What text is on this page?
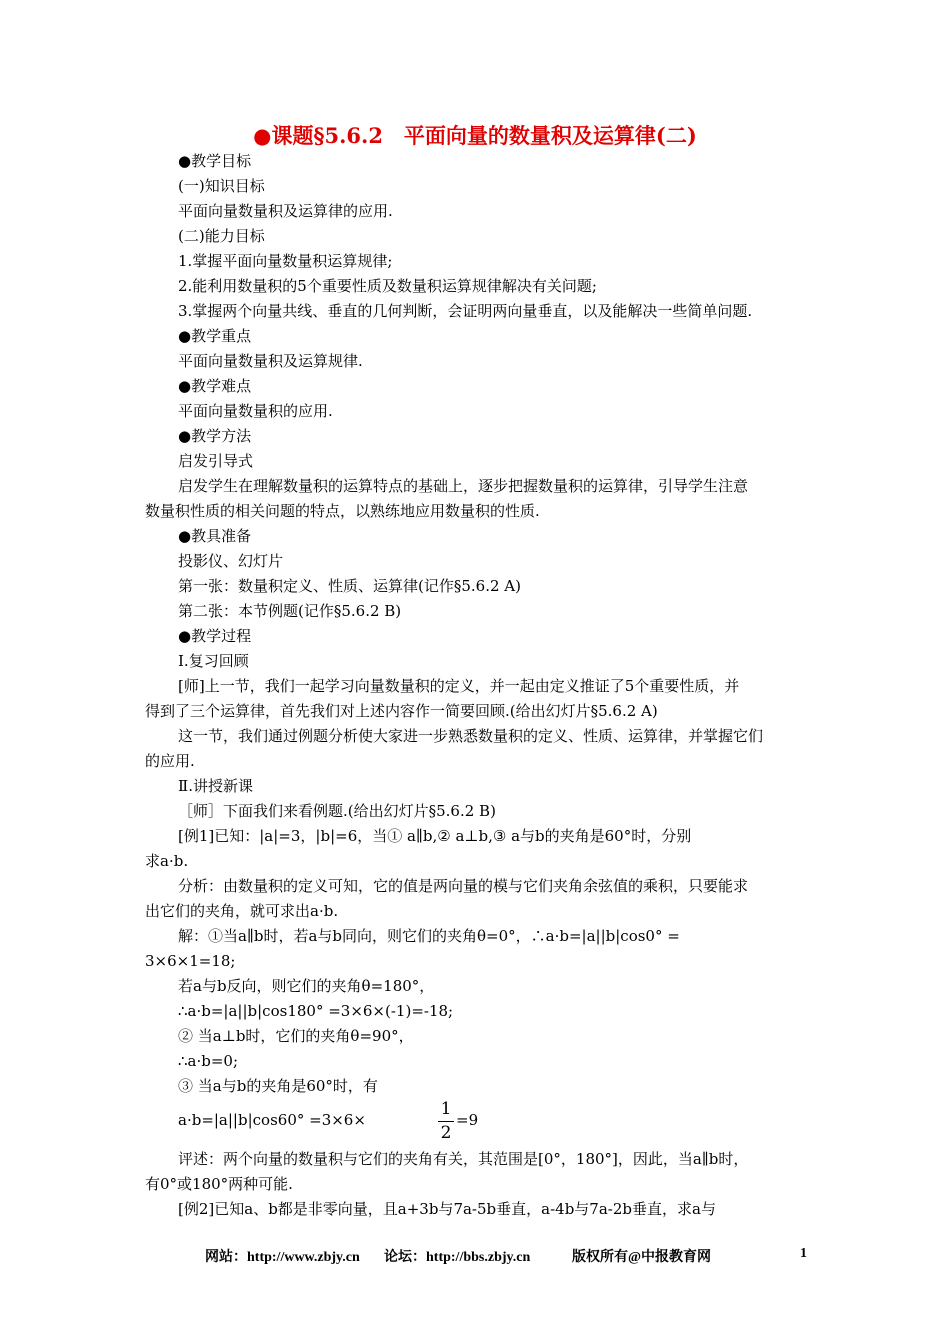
●课题§5.6.2　平面向量的数量积及运算律(二)
●教学目标
(一)知识目标
平面向量数量积及运算律的应用.
(二)能力目标
1.掌握平面向量数量积运算规律;
2.能利用数量积的5个重要性质及数量积运算规律解决有关问题;
3.掌握两个向量共线、垂直的几何判断，会证明两向量垂直，以及能解决一些简单问题.
●教学重点
平面向量数量积及运算规律.
●教学难点
平面向量数量积的应用.
●教学方法
启发引导式
启发学生在理解数量积的运算特点的基础上，逐步把握数量积的运算律，引导学生注意
数量积性质的相关问题的特点，以熟练地应用数量积的性质.
●教具准备
投影仪、幻灯片
第一张：数量积定义、性质、运算律(记作§5.6.2 A)
第二张：本节例题(记作§5.6.2 B)
●教学过程
Ⅰ.复习回顾
[师]上一节，我们一起学习向量数量积的定义，并一起由定义推证了5个重要性质，并
得到了三个运算律，首先我们对上述内容作一简要回顾.(给出幻灯片§5.6.2 A)
这一节，我们通过例题分析使大家进一步熟悉数量积的定义、性质、运算律，并掌握它们
的应用.
Ⅱ.讲授新课
［师］下面我们来看例题.(给出幻灯片§5.6.2 B)
[例1]已知：|a|=3，|b|=6，当① a∥b,② a⊥b,③ a与b的夹角是60°时，分别
求a·b.
分析：由数量积的定义可知，它的值是两向量的模与它们夹角余弦值的乘积，只要能求
出它们的夹角，就可求出a·b.
解：①当a∥b时，若a与b同向，则它们的夹角θ=0°，∴a·b=|a||b|cos0° =
3×6×1=18;
若a与b反向，则它们的夹角θ=180°，
∴a·b=|a||b|cos180° =3×6×(-1)=-18;
② 当a⊥b时，它们的夹角θ=90°，
∴a·b=0;
③ 当a与b的夹角是60°时，有
a·b=|a||b|cos60° =3×6×
1
2
=9
评述：两个向量的数量积与它们的夹角有关，其范围是[0°，180°]，因此，当a∥b时，
有0°或180°两种可能.
[例2]已知a、b都是非零向量，且a+3b与7a-5b垂直，a-4b与7a-2b垂直，求a与
网站：http://www.zbjy.cn 论坛：http://bbs.zbjy.cn	版权所有@中报教育网	1
